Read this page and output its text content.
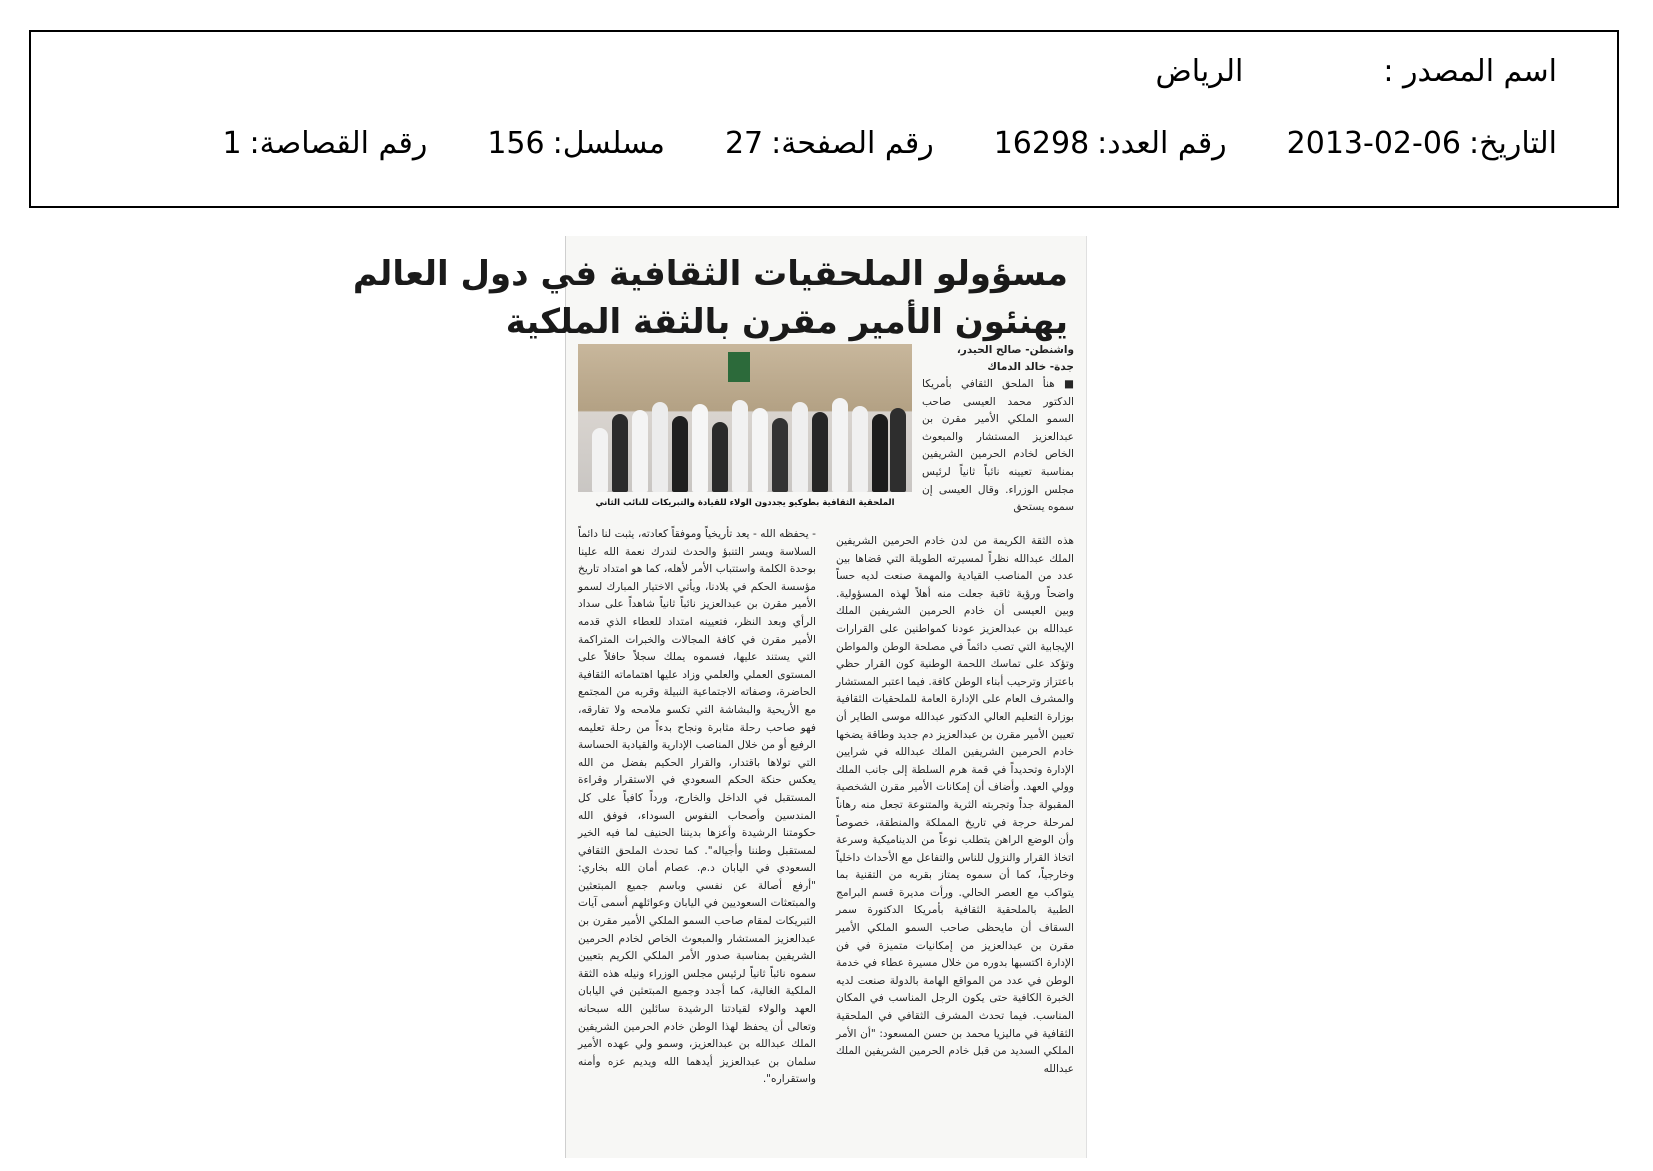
اسم المصدر :
الرياض
التاريخ:
2013-02-06
رقم العدد:
16298
رقم الصفحة:
27
مسلسل:
156
رقم القصاصة:
1
مسؤولو الملحقيات الثقافية في دول العالم
يهنئون الأمير مقرن بالثقة الملكية
الملحقية الثقافية بطوكيو يجددون الولاء للقيادة والتبريكات للنائب الثاني
واشنطن- صالح الحيدر،
جدة- خالد الدماك

■ هنأ الملحق الثقافي بأمريكا الدكتور محمد العيسى صاحب السمو الملكي الأمير مقرن بن عبدالعزيز المستشار والمبعوث الخاص لخادم الحرمين الشريفين بمناسبة تعيينه نائباً ثانياً لرئيس مجلس الوزراء. وقال العيسى إن سموه يستحق

هذه الثقة الكريمة من لدن خادم الحرمين الشريفين الملك عبدالله نظراً لمسيرته الطويلة التي قضاها بين عدد من المناصب القيادية والمهمة صنعت لديه حساً واضحاً ورؤية ثاقبة جعلت منه أهلاً لهذه المسؤولية. وبين العيسى أن خادم الحرمين الشريفين الملك عبدالله بن عبدالعزيز عودنا كمواطنين على القرارات الإيجابية التي تصب دائماً في مصلحة الوطن والمواطن وتؤكد على تماسك اللحمة الوطنية كون القرار حظي باعتزاز وترحيب أبناء الوطن كافة. فيما اعتبر المستشار والمشرف العام على الإدارة العامة للملحقيات الثقافية بوزارة التعليم العالي الدكتور عبدالله موسى الطاير أن تعيين الأمير مقرن بن عبدالعزيز دم جديد وطاقة يضخها خادم الحرمين الشريفين الملك عبدالله في شرايين الإدارة وتحديداً في قمة هرم السلطة إلى جانب الملك وولي العهد. وأضاف أن إمكانات الأمير مقرن الشخصية المقبولة جداً وتجربته الثرية والمتنوعة تجعل منه رهاناً لمرحلة حرجة في تاريخ المملكة والمنطقة، خصوصاً وأن الوضع الراهن يتطلب نوعاً من الديناميكية وسرعة اتخاذ القرار والنزول للناس والتفاعل مع الأحداث داخلياً وخارجياً، كما أن سموه يمتاز بقربه من التقنية بما يتواكب مع العصر الحالي. ورأت مديرة قسم البرامج الطبية بالملحقية الثقافية بأمريكا الدكتورة سمر السقاف أن مايحظى صاحب السمو الملكي الأمير مقرن بن عبدالعزيز من إمكانيات متميزة في فن الإدارة اكتسبها بدوره من خلال مسيرة عطاء في خدمة الوطن في عدد من المواقع الهامة بالدولة صنعت لديه الخبرة الكافية حتى يكون الرجل المناسب في المكان المناسب. فيما تحدث المشرف الثقافي في الملحقية الثقافية في ماليزيا محمد بن حسن المسعود: "أن الأمر الملكي السديد من قبل خادم الحرمين الشريفين الملك عبدالله

- يحفظه الله - يعد تأريخياً وموفقاً كعادته، يثبت لنا دائماً السلاسة ويسر التنبؤ والحدث لندرك نعمة الله علينا بوحدة الكلمة واستتباب الأمر لأهله، كما هو امتداد تاريخ مؤسسة الحكم في بلادنا، ويأتي الاختيار المبارك لسمو الأمير مقرن بن عبدالعزيز نائباً ثانياً شاهداً على سداد الرأي وبعد النظر، فتعيينه امتداد للعطاء الذي قدمه الأمير مقرن في كافة المجالات والخبرات المتراكمة التي يستند عليها، فسموه يملك سجلاً حافلاً على المستوى العملي والعلمي وزاد عليها اهتماماته الثقافية الحاضرة، وصفاته الاجتماعية النبيلة وقربه من المجتمع مع الأريحية والبشاشة التي تكسو ملامحه ولا تفارقه، فهو صاحب رحلة مثابرة ونجاح بدءاً من رحلة تعليمه الرفيع أو من خلال المناصب الإدارية والقيادية الحساسة التي تولاها باقتدار، والقرار الحكيم بفضل من الله يعكس حنكة الحكم السعودي في الاستقرار وقراءة المستقبل في الداخل والخارج، ورداً كافياً على كل المندسين وأصحاب النفوس السوداء، فوفق الله حكومتنا الرشيدة وأعزها بديننا الحنيف لما فيه الخير لمستقبل وطننا وأجياله". كما تحدث الملحق الثقافي السعودي في اليابان د.م. عصام أمان الله بخاري: "أرفع أصالة عن نفسي وباسم جميع المبتعثين والمبتعثات السعوديين في اليابان وعوائلهم أسمى آيات التبريكات لمقام صاحب السمو الملكي الأمير مقرن بن عبدالعزيز المستشار والمبعوث الخاص لخادم الحرمين الشريفين بمناسبة صدور الأمر الملكي الكريم بتعيين سموه نائباً ثانياً لرئيس مجلس الوزراء ونيله هذه الثقة الملكية الغالية، كما أجدد وجميع المبتعثين في اليابان العهد والولاء لقيادتنا الرشيدة سائلين الله سبحانه وتعالى أن يحفظ لهذا الوطن خادم الحرمين الشريفين الملك عبدالله بن عبدالعزيز، وسمو ولي عهده الأمير سلمان بن عبدالعزيز أيدهما الله ويديم عزه وأمنه واستقراره".
